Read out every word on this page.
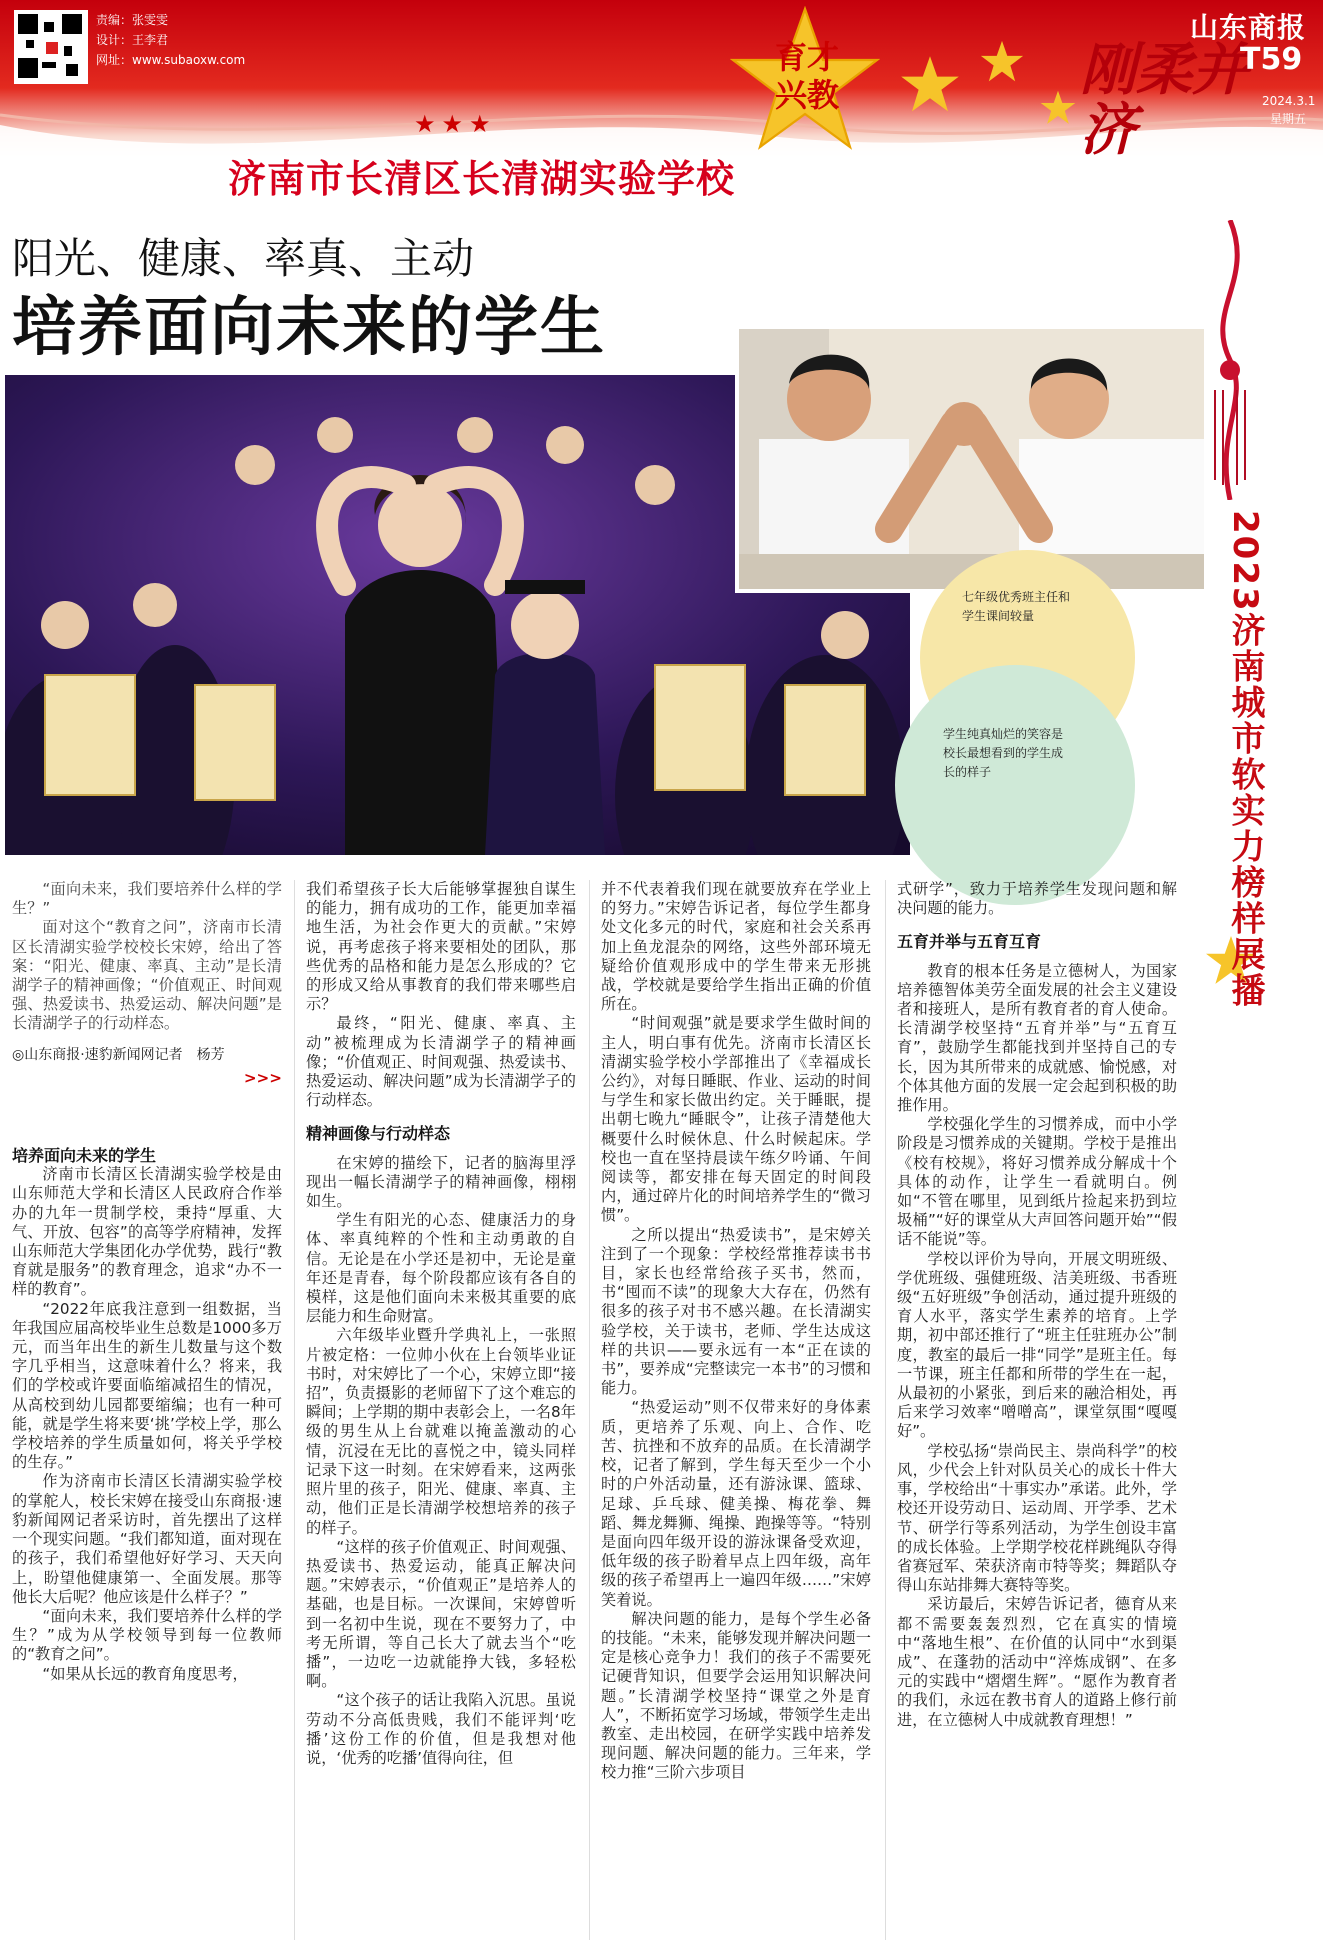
责编：张雯雯
设计：王李君
网址：www.subaoxw.com	育才
兴教	刚柔并济
山东商报
T59
2024.3.1
星期五
2023济南城市软实力榜样展播
★★★
济南市长清区长清湖实验学校
阳光、健康、率真、主动
培养面向未来的学生
七年级优秀班主任和学生课间较量
学生纯真灿烂的笑容是校长最想看到的学生成长的样子

“面向未来，我们要培养什么样的学生？”

面对这个“教育之问”，济南市长清区长清湖实验学校校长宋婷，给出了答案：“阳光、健康、率真、主动”是长清湖学子的精神画像；“价值观正、时间观强、热爱读书、热爱运动、解决问题”是长清湖学子的行动样态。

◎山东商报·速豹新闻网记者　杨芳

>>>

培养面向未来的学生

济南市长清区长清湖实验学校是由山东师范大学和长清区人民政府合作举办的九年一贯制学校，秉持“厚重、大气、开放、包容”的高等学府精神，发挥山东师范大学集团化办学优势，践行“教育就是服务”的教育理念，追求“办不一样的教育”。

“2022年底我注意到一组数据，当年我国应届高校毕业生总数是1000多万元，而当年出生的新生儿数量与这个数字几乎相当，这意味着什么？将来，我们的学校或许要面临缩减招生的情况，从高校到幼儿园都要缩编；也有一种可能，就是学生将来要‘挑’学校上学，那么学校培养的学生质量如何，将关乎学校的生存。”

作为济南市长清区长清湖实验学校的掌舵人，校长宋婷在接受山东商报·速豹新闻网记者采访时，首先摆出了这样一个现实问题。“我们都知道，面对现在的孩子，我们希望他好好学习、天天向上，盼望他健康第一、全面发展。那等他长大后呢？他应该是什么样子？”

“面向未来，我们要培养什么样的学生？”成为从学校领导到每一位教师的“教育之问”。

“如果从长远的教育角度思考，

我们希望孩子长大后能够掌握独自谋生的能力，拥有成功的工作，能更加幸福地生活，为社会作更大的贡献。”宋婷说，再考虑孩子将来要相处的团队，那些优秀的品格和能力是怎么形成的？它的形成又给从事教育的我们带来哪些启示？

最终，“阳光、健康、率真、主动”被梳理成为长清湖学子的精神画像；“价值观正、时间观强、热爱读书、热爱运动、解决问题”成为长清湖学子的行动样态。

精神画像与行动样态

在宋婷的描绘下，记者的脑海里浮现出一幅长清湖学子的精神画像，栩栩如生。

学生有阳光的心态、健康活力的身体、率真纯粹的个性和主动勇敢的自信。无论是在小学还是初中，无论是童年还是青春，每个阶段都应该有各自的模样，这是他们面向未来极其重要的底层能力和生命财富。

六年级毕业暨升学典礼上，一张照片被定格：一位帅小伙在上台领毕业证书时，对宋婷比了一个心，宋婷立即“接招”，负责摄影的老师留下了这个难忘的瞬间；上学期的期中表彰会上，一名8年级的男生从上台就难以掩盖激动的心情，沉浸在无比的喜悦之中，镜头同样记录下这一时刻。在宋婷看来，这两张照片里的孩子，阳光、健康、率真、主动，他们正是长清湖学校想培养的孩子的样子。

“这样的孩子价值观正、时间观强、热爱读书、热爱运动，能真正解决问题。”宋婷表示，“价值观正”是培养人的基础，也是目标。一次课间，宋婷曾听到一名初中生说，现在不要努力了，中考无所谓，等自己长大了就去当个“吃播”，一边吃一边就能挣大钱，多轻松啊。

“这个孩子的话让我陷入沉思。虽说劳动不分高低贵贱，我们不能评判‘吃播’这份工作的价值，但是我想对他说，‘优秀的吃播’值得向往，但

并不代表着我们现在就要放弃在学业上的努力。”宋婷告诉记者，每位学生都身处文化多元的时代，家庭和社会关系再加上鱼龙混杂的网络，这些外部环境无疑给价值观形成中的学生带来无形挑战，学校就是要给学生指出正确的价值所在。

“时间观强”就是要求学生做时间的主人，明白事有优先。济南市长清区长清湖实验学校小学部推出了《幸福成长公约》，对每日睡眠、作业、运动的时间与学生和家长做出约定。关于睡眠，提出朝七晚九“睡眠令”，让孩子清楚他大概要什么时候休息、什么时候起床。学校也一直在坚持晨读午练夕吟诵、午间阅读等，都安排在每天固定的时间段内，通过碎片化的时间培养学生的“微习惯”。

之所以提出“热爱读书”，是宋婷关注到了一个现象：学校经常推荐读书书目，家长也经常给孩子买书，然而，书“囤而不读”的现象大大存在，仍然有很多的孩子对书不感兴趣。在长清湖实验学校，关于读书，老师、学生达成这样的共识——要永远有一本“正在读的书”，要养成“完整读完一本书”的习惯和能力。

“热爱运动”则不仅带来好的身体素质，更培养了乐观、向上、合作、吃苦、抗挫和不放弃的品质。在长清湖学校，记者了解到，学生每天至少一个小时的户外活动量，还有游泳课、篮球、足球、乒乓球、健美操、梅花拳、舞蹈、舞龙舞狮、绳操、跑操等等。“特别是面向四年级开设的游泳课备受欢迎，低年级的孩子盼着早点上四年级，高年级的孩子希望再上一遍四年级……”宋婷笑着说。

解决问题的能力，是每个学生必备的技能。“未来，能够发现并解决问题一定是核心竞争力！我们的孩子不需要死记硬背知识，但要学会运用知识解决问题。”长清湖学校坚持“课堂之外是育人”，不断拓宽学习场域，带领学生走出教室、走出校园，在研学实践中培养发现问题、解决问题的能力。三年来，学校力推“三阶六步项目

式研学”，致力于培养学生发现问题和解决问题的能力。

五育并举与五育互育

教育的根本任务是立德树人，为国家培养德智体美劳全面发展的社会主义建设者和接班人，是所有教育者的育人使命。长清湖学校坚持“五育并举”与“五育互育”，鼓励学生都能找到并坚持自己的专长，因为其所带来的成就感、愉悦感，对个体其他方面的发展一定会起到积极的助推作用。

学校强化学生的习惯养成，而中小学阶段是习惯养成的关键期。学校于是推出《校有校规》，将好习惯养成分解成十个具体的动作，让学生一看就明白。例如“不管在哪里，见到纸片捡起来扔到垃圾桶”“好的课堂从大声回答问题开始”“假话不能说”等。

学校以评价为导向，开展文明班级、学优班级、强健班级、洁美班级、书香班级“五好班级”争创活动，通过提升班级的育人水平，落实学生素养的培育。上学期，初中部还推行了“班主任驻班办公”制度，教室的最后一排“同学”是班主任。每一节课，班主任都和所带的学生在一起，从最初的小紧张，到后来的融洽相处，再后来学习效率“噌噌高”，课堂氛围“嘎嘎好”。

学校弘扬“崇尚民主、崇尚科学”的校风，少代会上针对队员关心的成长十件大事，学校给出“十事实办”承诺。此外，学校还开设劳动日、运动周、开学季、艺术节、研学行等系列活动，为学生创设丰富的成长体验。上学期学校花样跳绳队夺得省赛冠军、荣获济南市特等奖；舞蹈队夺得山东站排舞大赛特等奖。

采访最后，宋婷告诉记者，德育从来都不需要轰轰烈烈，它在真实的情境中“落地生根”、在价值的认同中“水到渠成”、在蓬勃的活动中“淬炼成钢”、在多元的实践中“熠熠生辉”。“愿作为教育者的我们，永远在教书育人的道路上修行前进，在立德树人中成就教育理想！”
